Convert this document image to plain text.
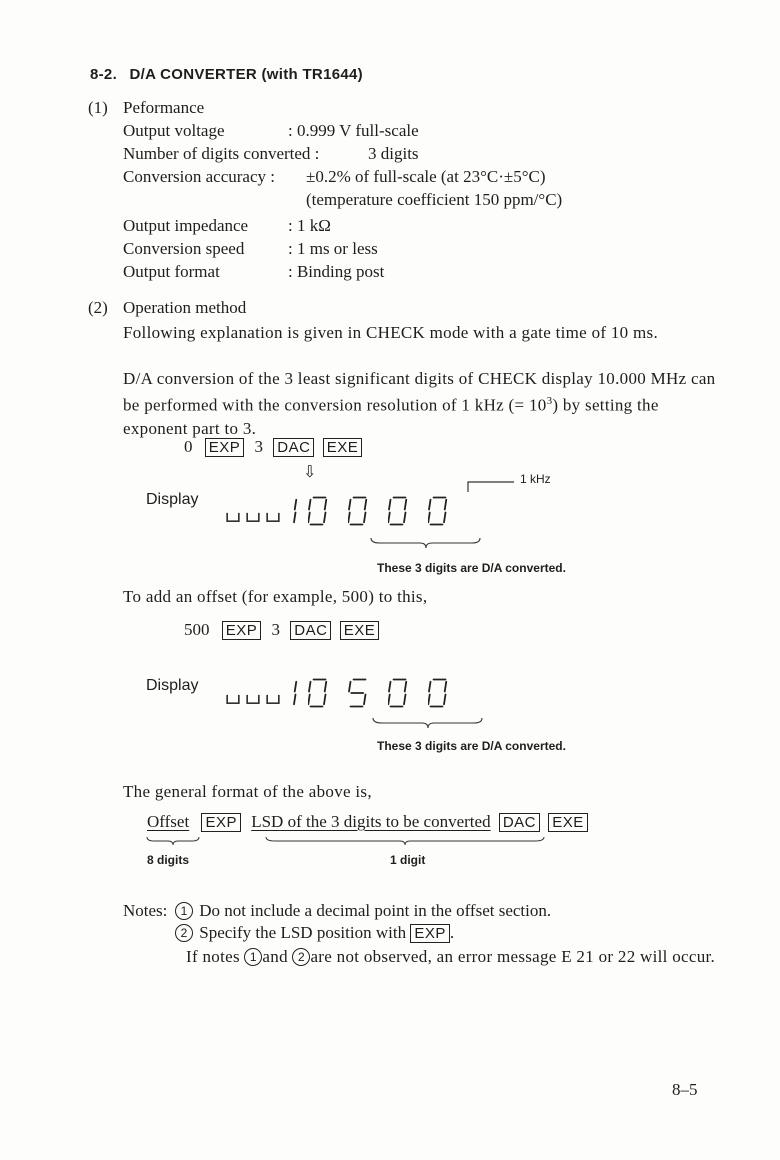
8-2. D/A CONVERTER (with TR1644)
(1) Peformance
Output voltage	: 0.999 V full-scale
Number of digits converted :	3 digits
Conversion accuracy : ±0.2% of full-scale (at 23°C·±5°C)
(temperature coefficient 150 ppm/°C)
Output impedance : 1 kΩ
Conversion speed	: 1 ms or less
Output format	: Binding post
(2) Operation method
Following explanation is given in CHECK mode with a gate time of 10 ms.
D/A conversion of the 3 least significant digits of CHECK display 10.000 MHz can be performed with the conversion resolution of 1 kHz (= $10^3$) by setting the exponent part to 3.
0 EXP 3 DAC EXE
⇩	1 kHz
Display
These 3 digits are D/A converted.
To add an offset (for example, 500) to this,
500 EXP 3 DAC EXE
Display
These 3 digits are D/A converted.
The general format of the above is,
Offset EXP LSD of the 3 digits to be converted DAC EXE
8 digits	1 digit
Notes:	1 Do not include a decimal point in the offset section.
2 Specify the LSD position with EXP .
If notes 1 and 2 are not observed, an error message E 21 or 22 will occur.
8–5
